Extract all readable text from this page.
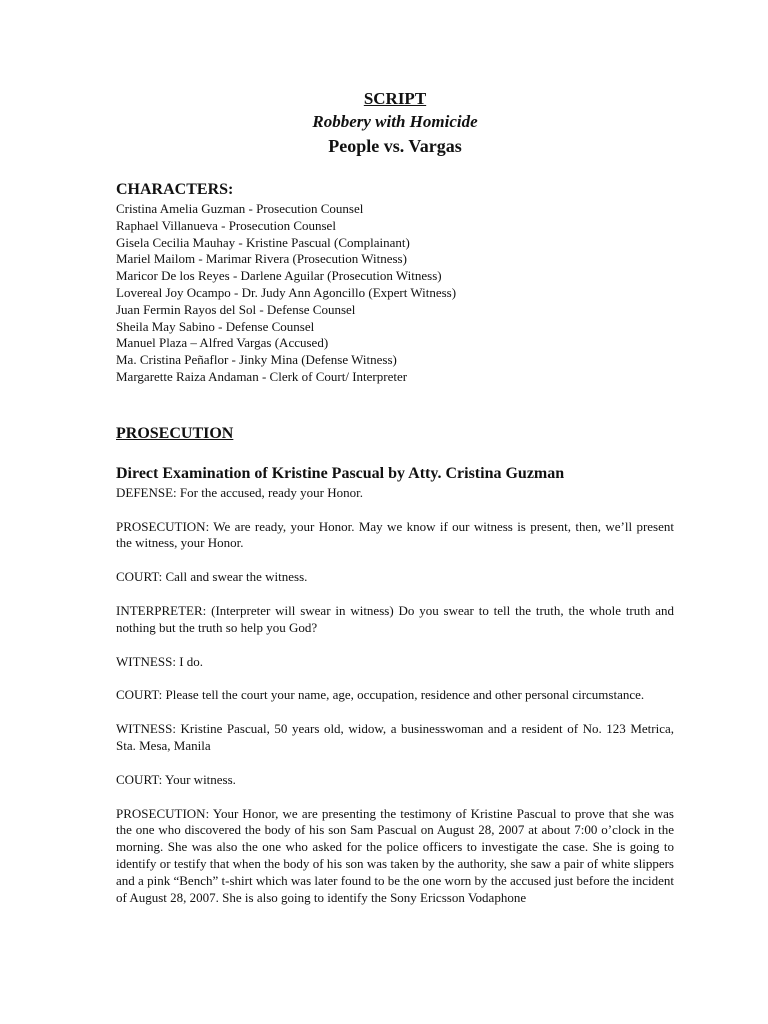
SCRIPT
Robbery with Homicide
People vs. Vargas
CHARACTERS:
Cristina Amelia Guzman - Prosecution Counsel
Raphael Villanueva - Prosecution Counsel
Gisela Cecilia Mauhay - Kristine Pascual (Complainant)
Mariel Mailom - Marimar Rivera (Prosecution Witness)
Maricor De los Reyes - Darlene Aguilar (Prosecution Witness)
Lovereal Joy Ocampo - Dr. Judy Ann Agoncillo (Expert Witness)
Juan Fermin Rayos del Sol - Defense Counsel
Sheila May Sabino - Defense Counsel
Manuel Plaza – Alfred Vargas (Accused)
Ma. Cristina Peñaflor - Jinky Mina (Defense Witness)
Margarette Raiza Andaman - Clerk of Court/ Interpreter
PROSECUTION
Direct Examination of Kristine Pascual by Atty. Cristina Guzman

DEFENSE: For the accused, ready your Honor.

PROSECUTION: We are ready, your Honor. May we know if our witness is present, then, we’ll present the witness, your Honor.

COURT: Call and swear the witness.

INTERPRETER: (Interpreter will swear in witness) Do you swear to tell the truth, the whole truth and nothing but the truth so help you God?

WITNESS: I do.

COURT: Please tell the court your name, age, occupation, residence and other personal circumstance.

WITNESS: Kristine Pascual, 50 years old, widow, a businesswoman and a resident of No. 123 Metrica, Sta. Mesa, Manila

COURT: Your witness.

PROSECUTION: Your Honor, we are presenting the testimony of Kristine Pascual to prove that she was the one who discovered the body of his son Sam Pascual on August 28, 2007 at about 7:00 o’clock in the morning. She was also the one who asked for the police officers to investigate the case. She is going to identify or testify that when the body of his son was taken by the authority, she saw a pair of white slippers and a pink “Bench” t-shirt which was later found to be the one worn by the accused just before the incident of August 28, 2007. She is also going to identify the Sony Ericsson Vodaphone
